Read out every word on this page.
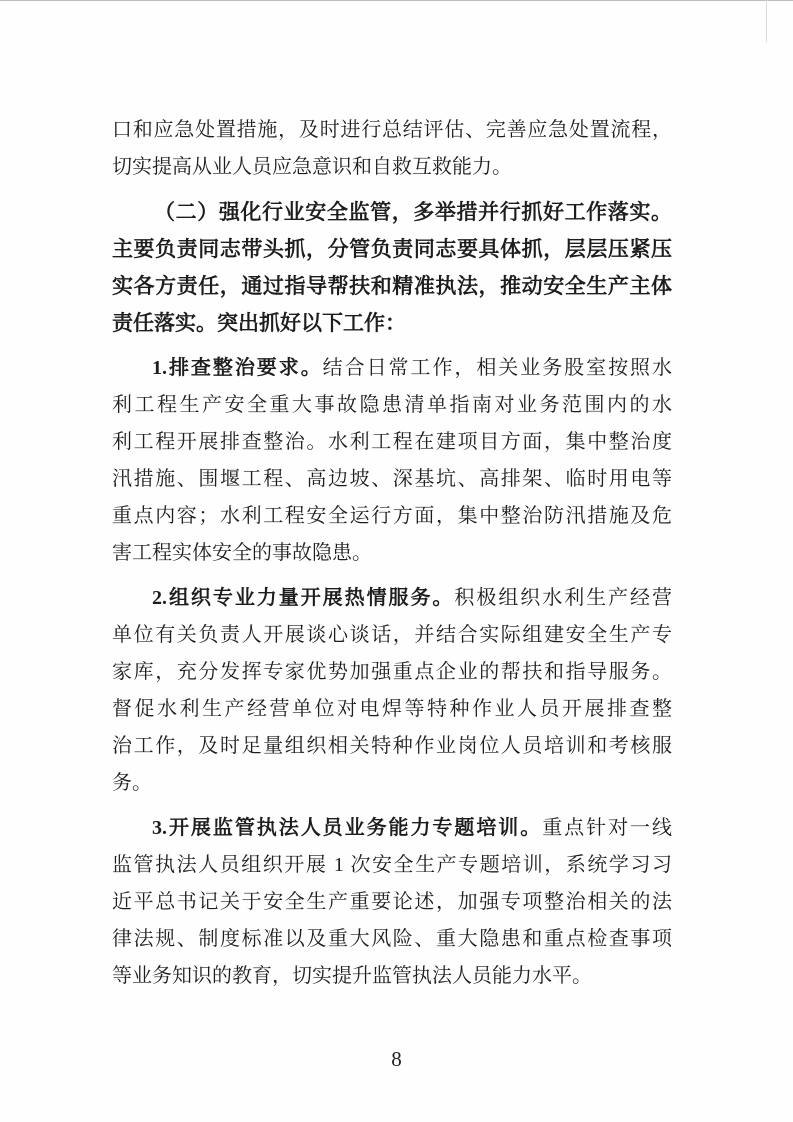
口和应急处置措施，及时进行总结评估、完善应急处置流程，
切实提高从业人员应急意识和自救互救能力。
（二）强化行业安全监管，多举措并行抓好工作落实。
主要负责同志带头抓，分管负责同志要具体抓，层层压紧压
实各方责任，通过指导帮扶和精准执法，推动安全生产主体
责任落实。突出抓好以下工作：
1.排查整治要求。结合日常工作，相关业务股室按照水
利工程生产安全重大事故隐患清单指南对业务范围内的水
利工程开展排查整治。水利工程在建项目方面，集中整治度
汛措施、围堰工程、高边坡、深基坑、高排架、临时用电等
重点内容；水利工程安全运行方面，集中整治防汛措施及危
害工程实体安全的事故隐患。
2.组织专业力量开展热情服务。积极组织水利生产经营
单位有关负责人开展谈心谈话，并结合实际组建安全生产专
家库，充分发挥专家优势加强重点企业的帮扶和指导服务。
督促水利生产经营单位对电焊等特种作业人员开展排查整
治工作，及时足量组织相关特种作业岗位人员培训和考核服
务。
3.开展监管执法人员业务能力专题培训。重点针对一线
监管执法人员组织开展 1 次安全生产专题培训，系统学习习
近平总书记关于安全生产重要论述，加强专项整治相关的法
律法规、制度标准以及重大风险、重大隐患和重点检查事项
等业务知识的教育，切实提升监管执法人员能力水平。
8
